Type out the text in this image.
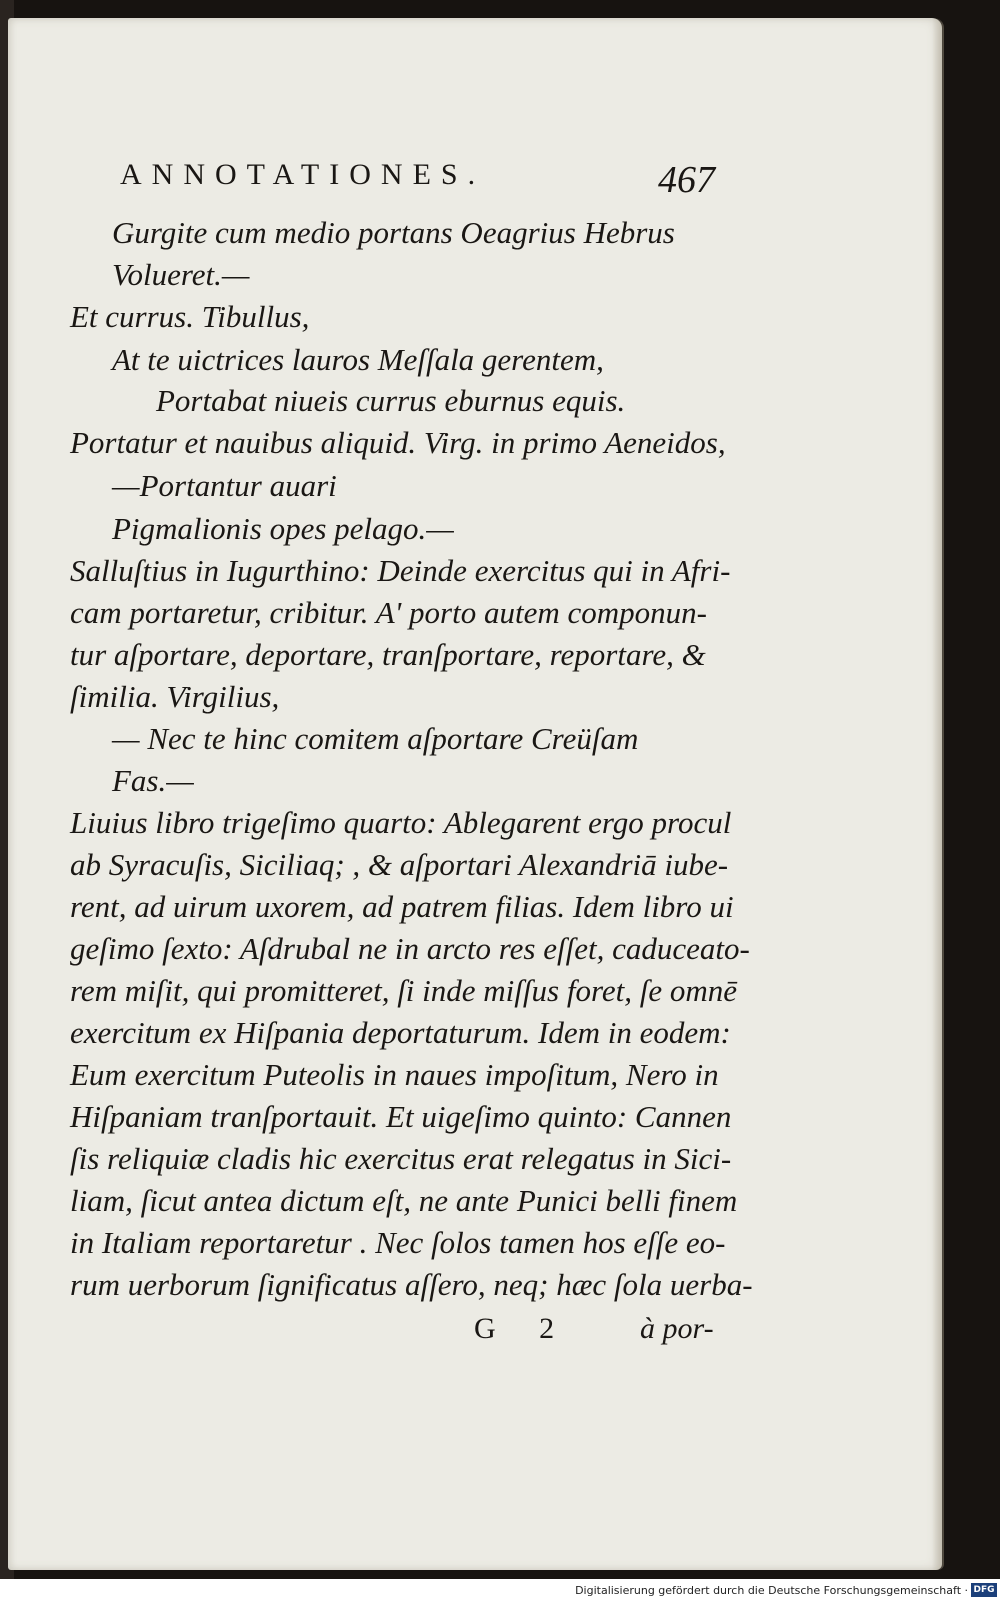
ANNOTATIONES.	467
Gurgite cum medio portans Oeagrius Hebrus
Volueret.—
Et currus. Tibullus,
At te uictrices lauros Meſſala gerentem,
Portabat niueis currus eburnus equis.
Portatur et nauibus aliquid. Virg. in primo Aeneidos,
—Portantur auari
Pigmalionis opes pelago.—
Salluſtius in Iugurthino: Deinde exercitus qui in Afri-
cam portaretur, cribitur. A' porto autem componun-
tur aſportare, deportare, tranſportare, reportare, &
ſimilia. Virgilius,
— Nec te hinc comitem aſportare Creüſam
Fas.—
Liuius libro trigeſimo quarto: Ablegarent ergo procul
ab Syracuſis, Siciliaq; , & aſportari Alexandriā iube-
rent, ad uirum uxorem, ad patrem filias. Idem libro ui
geſimo ſexto: Aſdrubal ne in arcto res eſſet, caduceato-
rem miſit, qui promitteret, ſi inde miſſus foret, ſe omnē
exercitum ex Hiſpania deportaturum. Idem in eodem:
Eum exercitum Puteolis in naues impoſitum, Nero in
Hiſpaniam tranſportauit. Et uigeſimo quinto: Cannen
ſis reliquiæ cladis hic exercitus erat relegatus in Sici-
liam, ſicut antea dictum eſt, ne ante Punici belli finem
in Italiam reportaretur . Nec ſolos tamen hos eſſe eo-
rum uerborum ſignificatus aſſero, neq; hæc ſola uerba-
G 2 à por-
Digitalisierung gefördert durch die Deutsche Forschungsgemeinschaft · DFG
